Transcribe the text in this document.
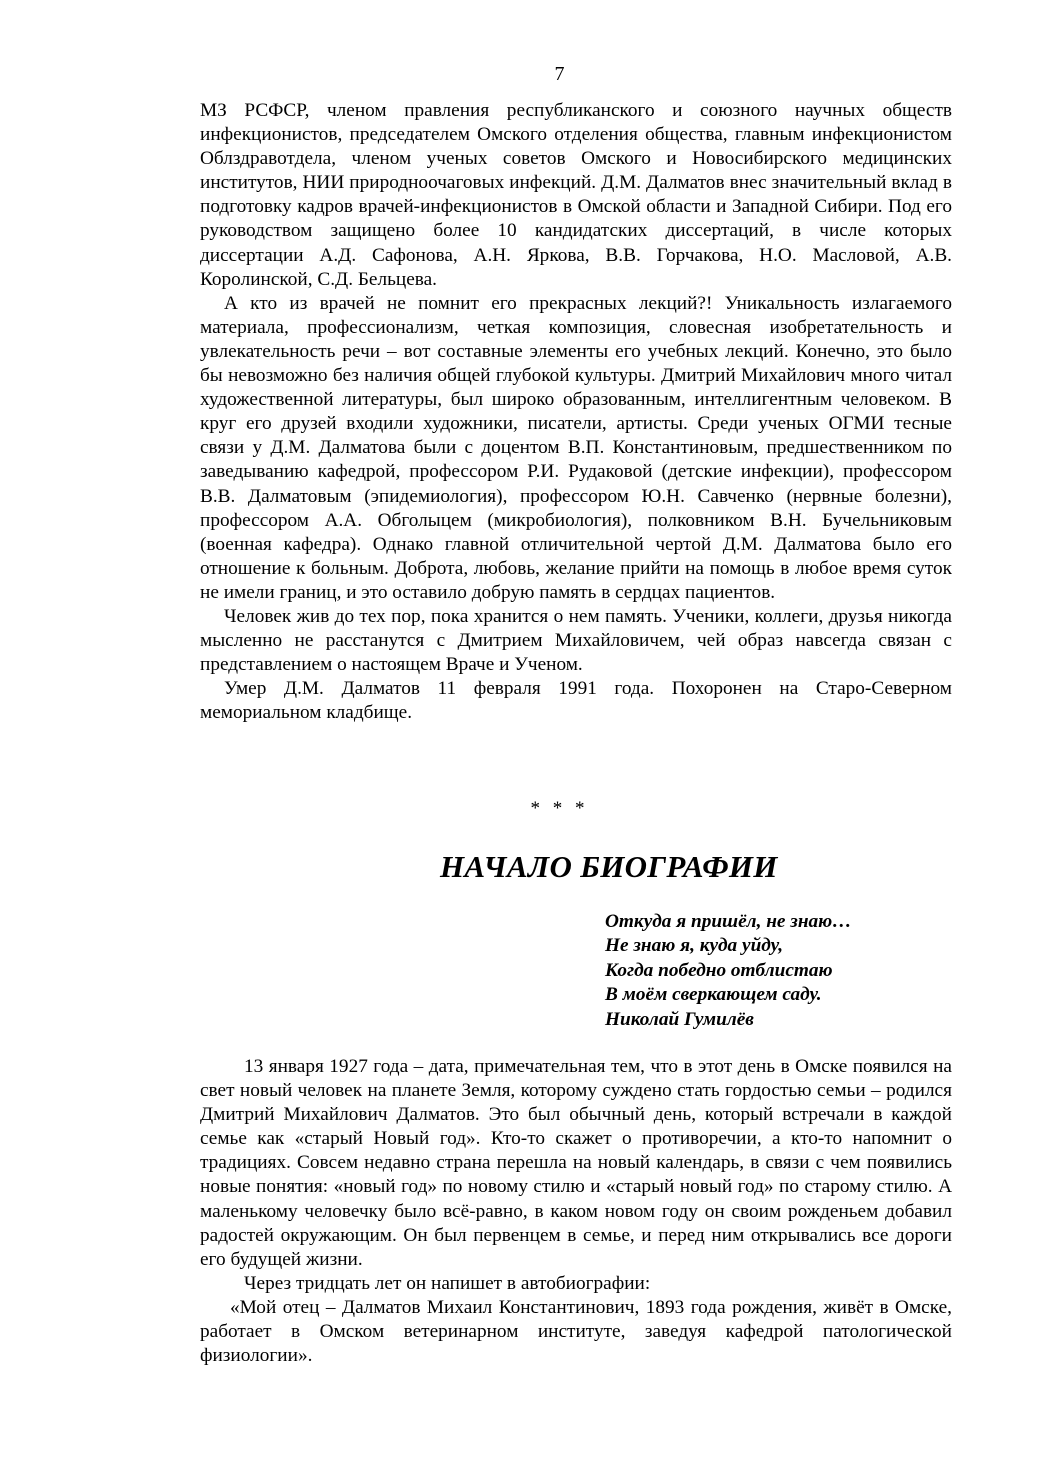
7

МЗ РСФСР, членом правления республиканского и союзного научных обществ инфекционистов, председателем Омского отделения общества, главным инфекционистом Облздравотдела, членом ученых советов Омского и Новосибирского медицинских институтов, НИИ природноочаговых инфекций. Д.М. Далматов внес значительный вклад в подготовку кадров врачей-инфекционистов в Омской области и Западной Сибири. Под его руководством защищено более 10 кандидатских диссертаций, в числе которых диссертации А.Д. Сафонова, А.Н. Яркова, В.В. Горчакова, Н.О. Масловой, А.В. Королинской, С.Д. Бельцева.

А кто из врачей не помнит его прекрасных лекций?! Уникальность излагаемого материала, профессионализм, четкая композиция, словесная изобретательность и увлекательность речи – вот составные элементы его учебных лекций. Конечно, это было бы невозможно без наличия общей глубокой культуры. Дмитрий Михайлович много читал художественной литературы, был широко образованным, интеллигентным человеком. В круг его друзей входили художники, писатели, артисты. Среди ученых ОГМИ тесные связи у Д.М. Далматова были с доцентом В.П. Константиновым, предшественником по заведыванию кафедрой, профессором Р.И. Рудаковой (детские инфекции), профессором В.В. Далматовым (эпидемиология), профессором Ю.Н. Савченко (нервные болезни), профессором А.А. Обголыцем (микробиология), полковником В.Н. Бучельниковым (военная кафедра). Однако главной отличительной чертой Д.М. Далматова было его отношение к больным. Доброта, любовь, желание прийти на помощь в любое время суток не имели границ, и это оставило добрую память в сердцах пациентов.

Человек жив до тех пор, пока хранится о нем память. Ученики, коллеги, друзья никогда мысленно не расстанутся с Дмитрием Михайловичем, чей образ навсегда связан с представлением о настоящем Враче и Ученом.

Умер Д.М. Далматов 11 февраля 1991 года. Похоронен на Старо-Северном мемориальном кладбище.

* * *
НАЧАЛО БИОГРАФИИ
Откуда я пришёл, не знаю…
Не знаю я, куда уйду,
Когда победно отблистаю
В моём сверкающем саду.
Николай Гумилёв

13 января 1927 года – дата, примечательная тем, что в этот день в Омске появился на свет новый человек на планете Земля, которому суждено стать гордостью семьи – родился Дмитрий Михайлович Далматов. Это был обычный день, который встречали в каждой семье как «старый Новый год». Кто-то скажет о противоречии, а кто-то напомнит о традициях. Совсем недавно страна перешла на новый календарь, в связи с чем появились новые понятия: «новый год» по новому стилю и «старый новый год» по старому стилю. А маленькому человечку было всё-равно, в каком новом году он своим рожденьем добавил радостей окружающим. Он был первенцем в семье, и перед ним открывались все дороги его будущей жизни.

Через тридцать лет он напишет в автобиографии:

«Мой отец – Далматов Михаил Константинович, 1893 года рождения, живёт в Омске, работает в Омском ветеринарном институте, заведуя кафедрой патологической физиологии».
